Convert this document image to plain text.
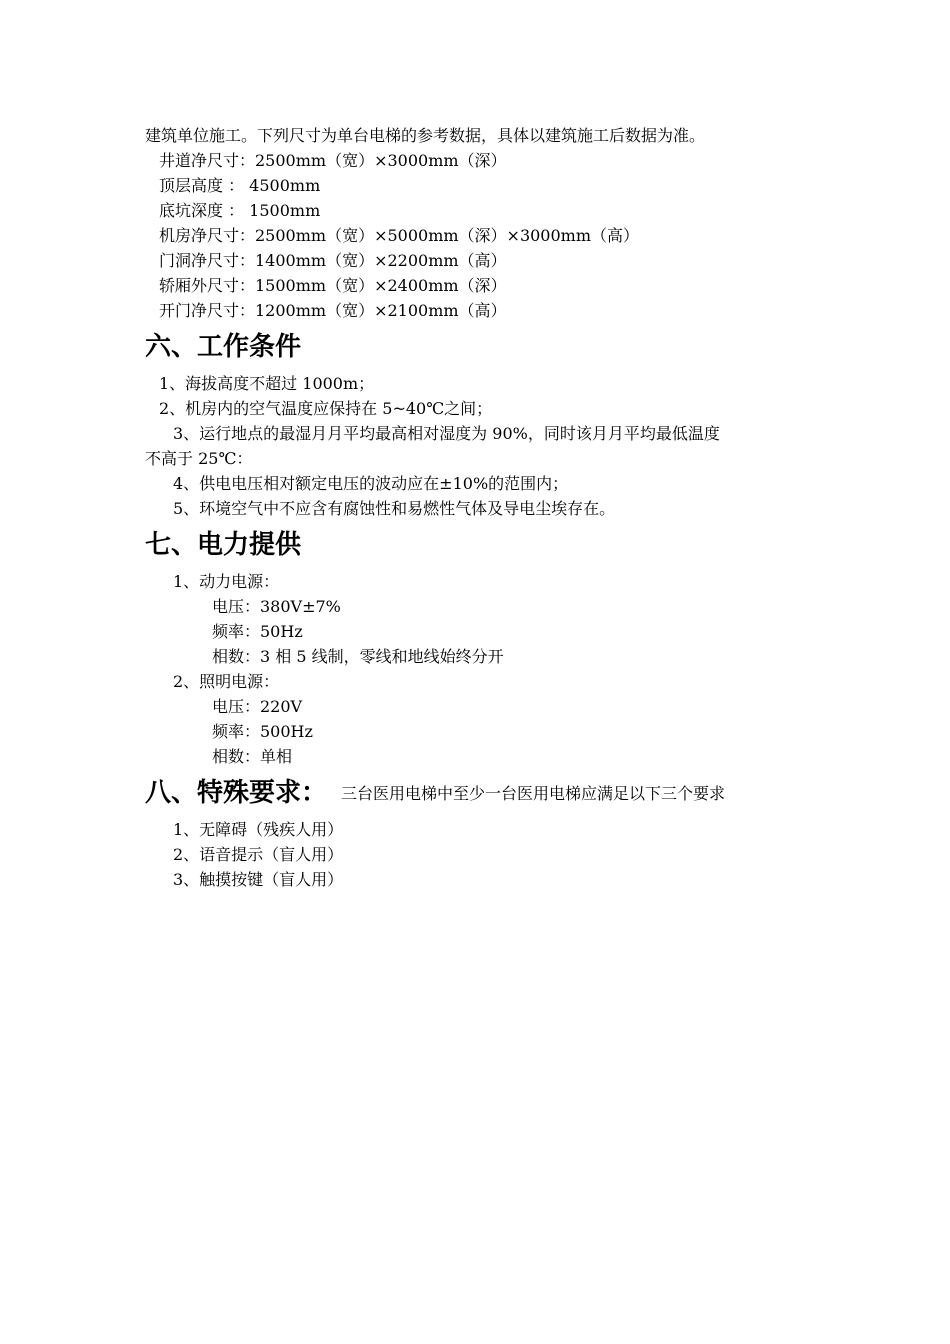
建筑单位施工。下列尺寸为单台电梯的参考数据，具体以建筑施工后数据为准。
井道净尺寸：2500mm（宽）×3000mm（深）
顶层高度 ： 4500mm
底坑深度 ： 1500mm
机房净尺寸：2500mm（宽）×5000mm（深）×3000mm（高）
门洞净尺寸：1400mm（宽）×2200mm（高）
轿厢外尺寸：1500mm（宽）×2400mm（深）
开门净尺寸：1200mm（宽）×2100mm（高）
六、工作条件
1、海拔高度不超过 1000m；
2、机房内的空气温度应保持在 5~40℃之间；
3、运行地点的最湿月月平均最高相对湿度为 90%，同时该月月平均最低温度
不高于 25℃：
4、供电电压相对额定电压的波动应在±10%的范围内；
5、环境空气中不应含有腐蚀性和易燃性气体及导电尘埃存在。
七、电力提供
1、动力电源：
电压：380V±7%
频率：50Hz
相数：3 相 5 线制，零线和地线始终分开
2、照明电源：
电压：220V
频率：500Hz
相数：单相
八、特殊要求： 三台医用电梯中至少一台医用电梯应满足以下三个要求
1、无障碍（残疾人用）
2、语音提示（盲人用）
3、触摸按键（盲人用）
